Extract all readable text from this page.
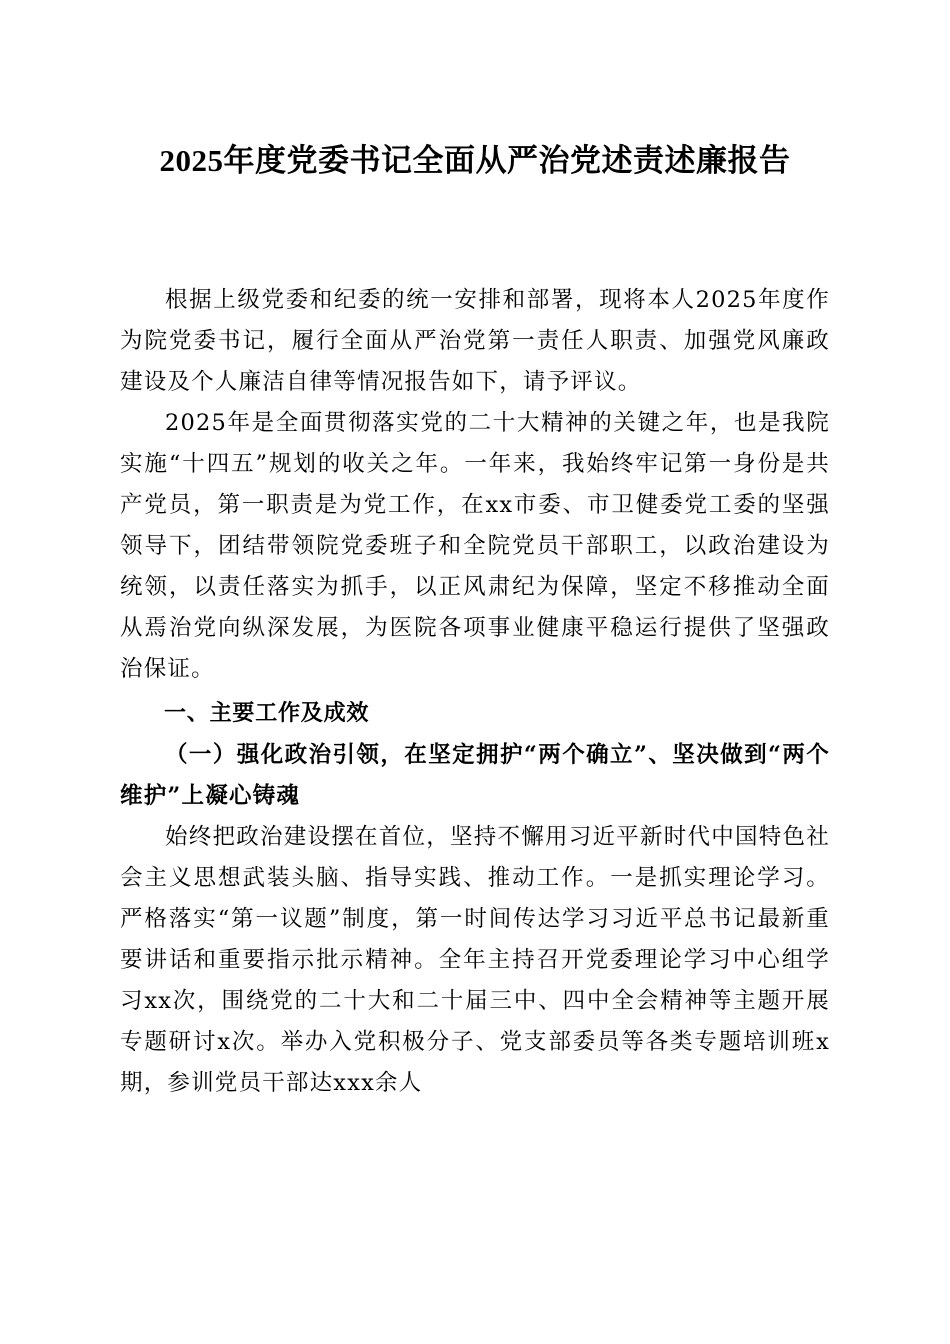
2025年度党委书记全面从严治党述责述廉报告

根据上级党委和纪委的统一安排和部署，现将本人2025年度作为院党委书记，履行全面从严治党第一责任人职责、加强党风廉政建设及个人廉洁自律等情况报告如下，请予评议。

2025年是全面贯彻落实党的二十大精神的关键之年，也是我院实施“十四五”规划的收关之年。一年来，我始终牢记第一身份是共产党员，第一职责是为党工作，在xx市委、市卫健委党工委的坚强领导下，团结带领院党委班子和全院党员干部职工，以政治建设为统领，以责任落实为抓手，以正风肃纪为保障，坚定不移推动全面从焉治党向纵深发展，为医院各项事业健康平稳运行提供了坚强政治保证。

一、主要工作及成效

（一）强化政治引领，在坚定拥护“两个确立”、坚决做到“两个维护”上凝心铸魂

始终把政治建设摆在首位，坚持不懈用习近平新时代中国特色社会主义思想武装头脑、指导实践、推动工作。一是抓实理论学习。严格落实“第一议题”制度，第一时间传达学习习近平总书记最新重要讲话和重要指示批示精神。全年主持召开党委理论学习中心组学习xx次，围绕党的二十大和二十届三中、四中全会精神等主题开展专题研讨x次。举办入党积极分子、党支部委员等各类专题培训班x期，参训党员干部达xxx余人
